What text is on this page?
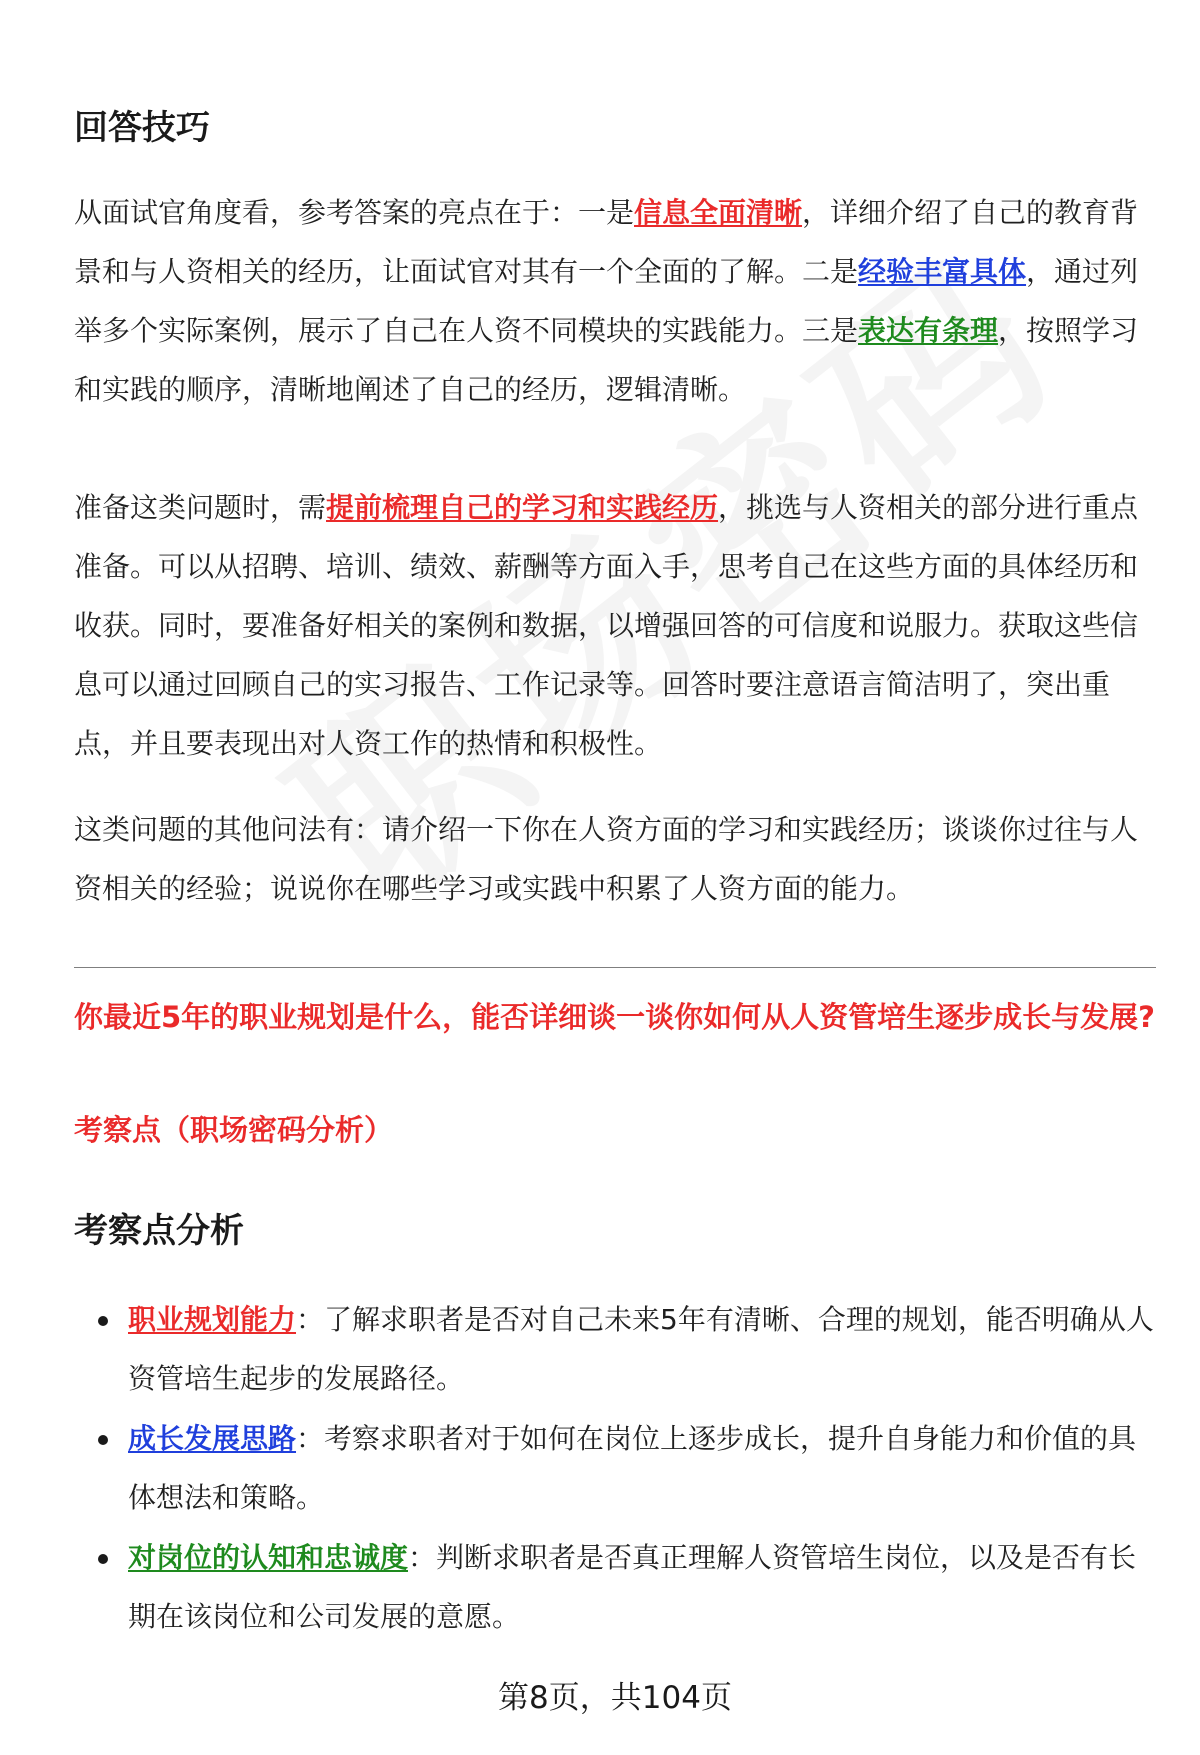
回答技巧

从面试官角度看，参考答案的亮点在于：一是信息全面清晰，详细介绍了自己的教育背景和与人资相关的经历，让面试官对其有一个全面的了解。二是经验丰富具体，通过列举多个实际案例，展示了自己在人资不同模块的实践能力。三是表达有条理，按照学习和实践的顺序，清晰地阐述了自己的经历，逻辑清晰。

准备这类问题时，需提前梳理自己的学习和实践经历，挑选与人资相关的部分进行重点准备。可以从招聘、培训、绩效、薪酬等方面入手，思考自己在这些方面的具体经历和收获。同时，要准备好相关的案例和数据，以增强回答的可信度和说服力。获取这些信息可以通过回顾自己的实习报告、工作记录等。回答时要注意语言简洁明了，突出重点，并且要表现出对人资工作的热情和积极性。

这类问题的其他问法有：请介绍一下你在人资方面的学习和实践经历；谈谈你过往与人资相关的经验；说说你在哪些学习或实践中积累了人资方面的能力。

你最近5年的职业规划是什么，能否详细谈一谈你如何从人资管培生逐步成长与发展?

考察点（职场密码分析）

考察点分析
职业规划能力：了解求职者是否对自己未来5年有清晰、合理的规划，能否明确从人资管培生起步的发展路径。
成长发展思路：考察求职者对于如何在岗位上逐步成长，提升自身能力和价值的具体想法和策略。
对岗位的认知和忠诚度：判断求职者是否真正理解人资管培生岗位，以及是否有长期在该岗位和公司发展的意愿。
第8页，共104页
